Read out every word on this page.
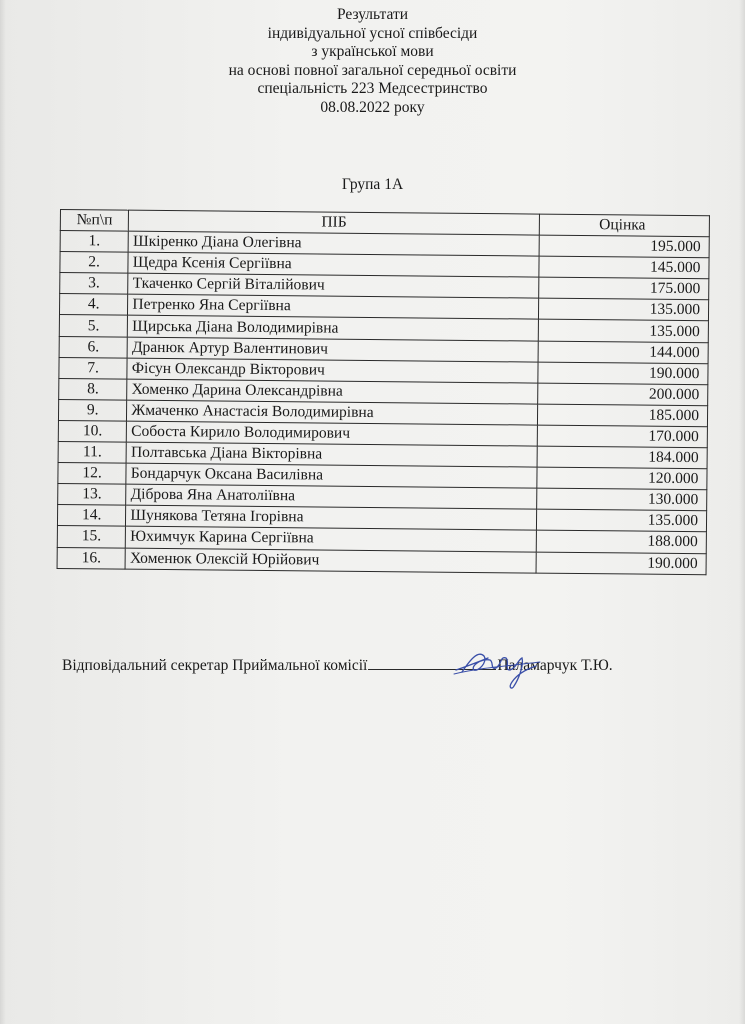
Результати
індивідуальної усної співбесіди
з української мови
на основі повної загальної середньої освіти
спеціальність 223 Медсестринство
08.08.2022 року
Група 1А
№п\п	ПІБ	Оцінка
1.	Шкіренко Діана Олегівна	195.000
2.	Щедра Ксенія Сергіївна	145.000
3.	Ткаченко Сергій Віталійович	175.000
4.	Петренко Яна Сергіївна	135.000
5.	Щирська Діана Володимирівна	135.000
6.	Дранюк Артур Валентинович	144.000
7.	Фісун Олександр Вікторович	190.000
8.	Хоменко Дарина Олександрівна	200.000
9.	Жмаченко Анастасія Володимирівна	185.000
10.	Собоста Кирило Володимирович	170.000
11.	Полтавська Діана Вікторівна	184.000
12.	Бондарчук Оксана Василівна	120.000
13.	Діброва Яна Анатоліївна	130.000
14.	Шунякова Тетяна Ігорівна	135.000
15.	Юхимчук Карина Сергіївна	188.000
16.	Хоменюк Олексій Юрійович	190.000
Відповідальний секретар Приймальної комісії	Паламарчук Т.Ю.
